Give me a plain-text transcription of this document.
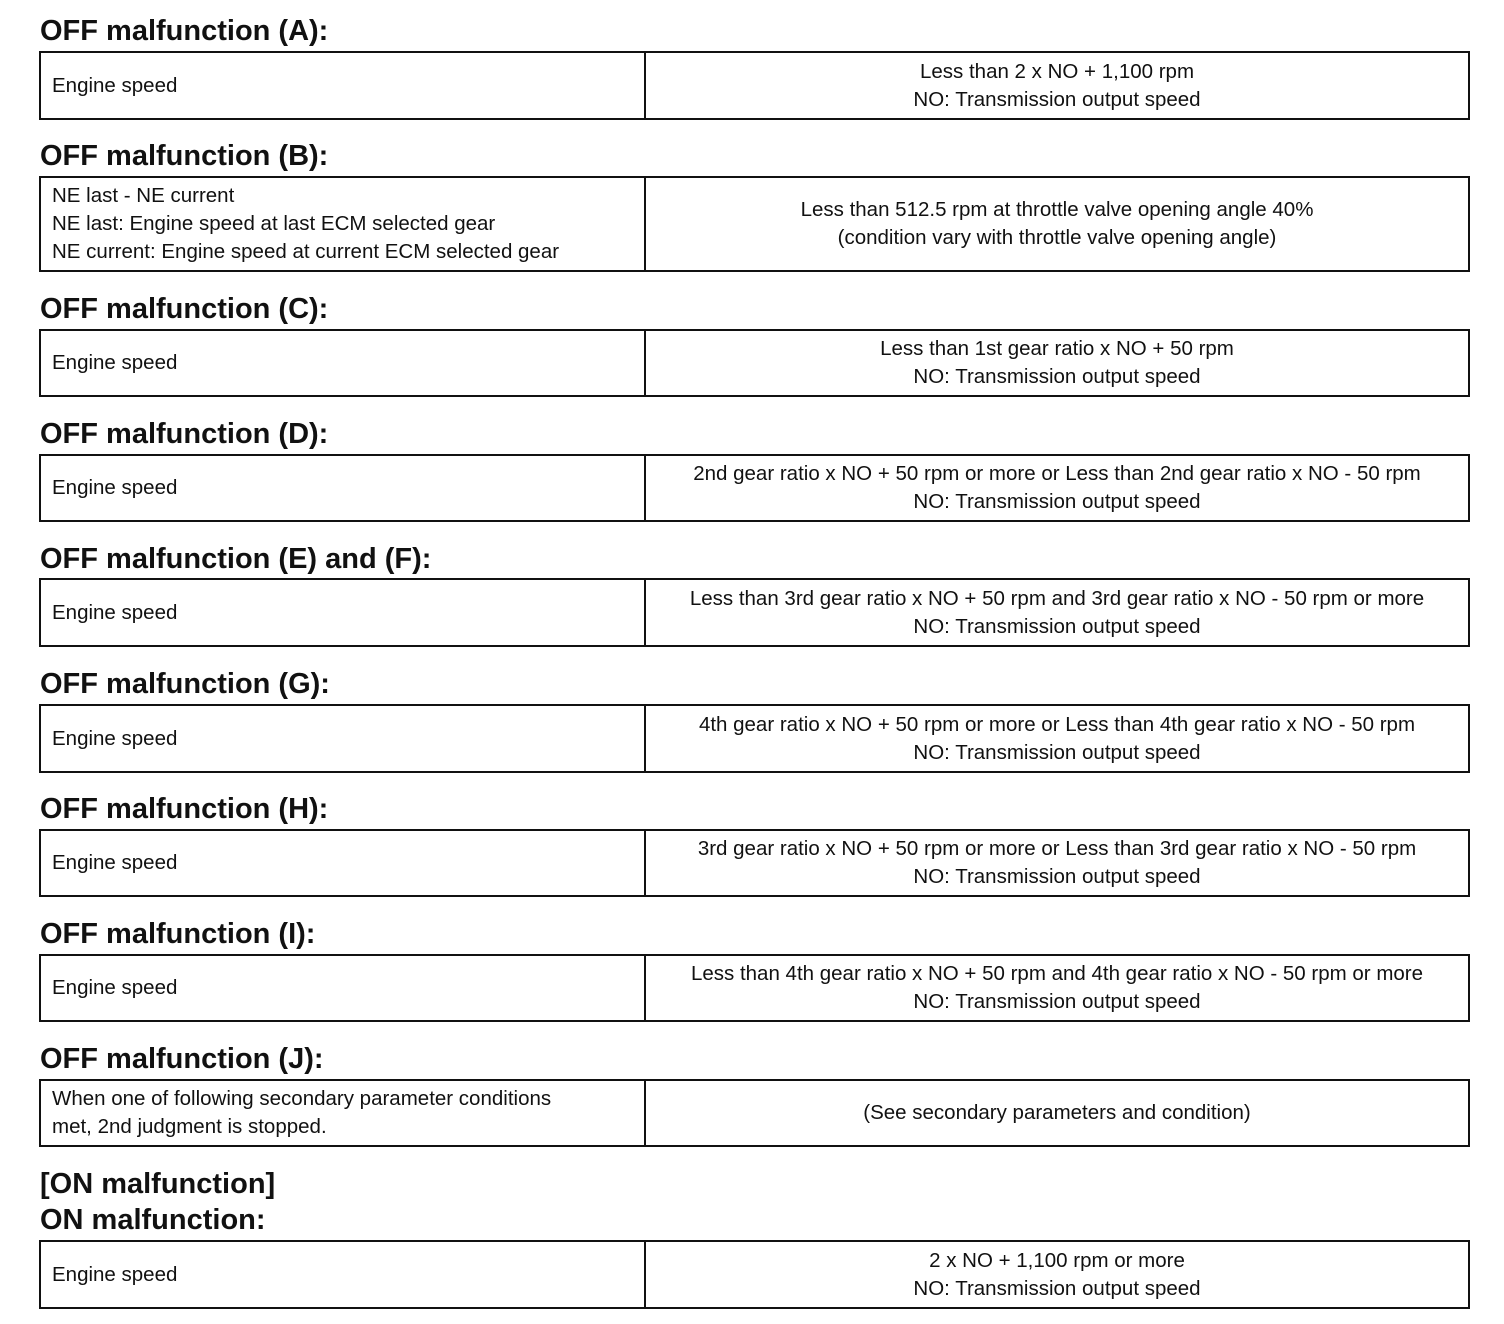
OFF malfunction (A):
Engine speed
Less than 2 x NO + 1,100 rpm
NO: Transmission output speed
OFF malfunction (B):
NE last - NE current
NE last: Engine speed at last ECM selected gear
NE current: Engine speed at current ECM selected gear
Less than 512.5 rpm at throttle valve opening angle 40%
(condition vary with throttle valve opening angle)
OFF malfunction (C):
Engine speed
Less than 1st gear ratio x NO + 50 rpm
NO: Transmission output speed
OFF malfunction (D):
Engine speed
2nd gear ratio x NO + 50 rpm or more or Less than 2nd gear ratio x NO - 50 rpm
NO: Transmission output speed
OFF malfunction (E) and (F):
Engine speed
Less than 3rd gear ratio x NO + 50 rpm and 3rd gear ratio x NO - 50 rpm or more
NO: Transmission output speed
OFF malfunction (G):
Engine speed
4th gear ratio x NO + 50 rpm or more or Less than 4th gear ratio x NO - 50 rpm
NO: Transmission output speed
OFF malfunction (H):
Engine speed
3rd gear ratio x NO + 50 rpm or more or Less than 3rd gear ratio x NO - 50 rpm
NO: Transmission output speed
OFF malfunction (I):
Engine speed
Less than 4th gear ratio x NO + 50 rpm and 4th gear ratio x NO - 50 rpm or more
NO: Transmission output speed
OFF malfunction (J):
When one of following secondary parameter conditions
met, 2nd judgment is stopped.
(See secondary parameters and condition)
[ON malfunction]
ON malfunction:
Engine speed
2 x NO + 1,100 rpm or more
NO: Transmission output speed
